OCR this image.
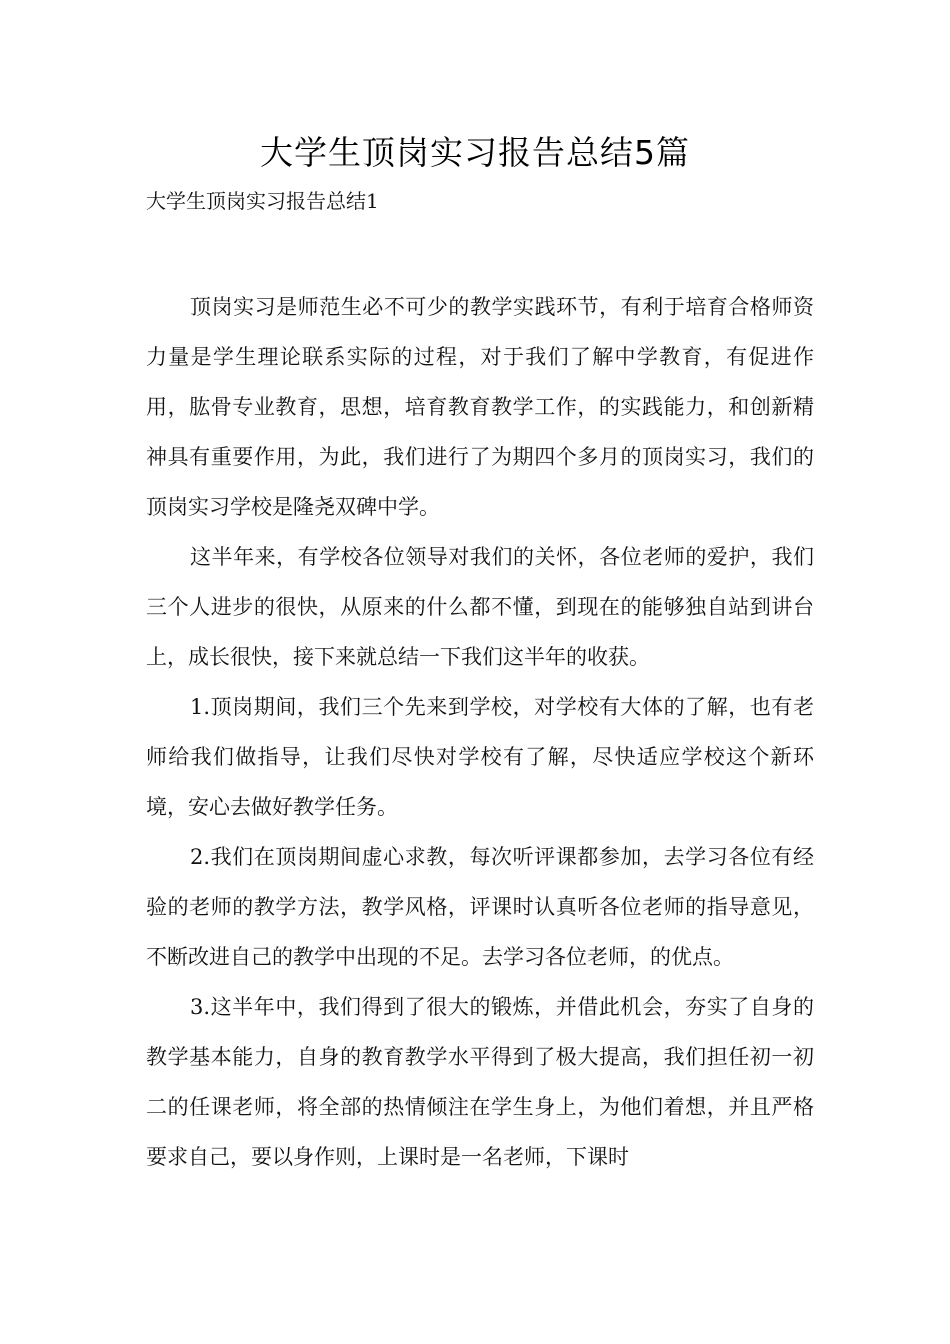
大学生顶岗实习报告总结5篇
大学生顶岗实习报告总结1

顶岗实习是师范生必不可少的教学实践环节，有利于培育合格师资力量是学生理论联系实际的过程，对于我们了解中学教育，有促进作用，肱骨专业教育，思想，培育教育教学工作，的实践能力，和创新精神具有重要作用，为此，我们进行了为期四个多月的顶岗实习，我们的顶岗实习学校是隆尧双碑中学。

这半年来，有学校各位领导对我们的关怀，各位老师的爱护，我们三个人进步的很快，从原来的什么都不懂，到现在的能够独自站到讲台上，成长很快，接下来就总结一下我们这半年的收获。

1.顶岗期间，我们三个先来到学校，对学校有大体的了解，也有老师给我们做指导，让我们尽快对学校有了解，尽快适应学校这个新环境，安心去做好教学任务。

2.我们在顶岗期间虚心求教，每次听评课都参加，去学习各位有经验的老师的教学方法，教学风格，评课时认真听各位老师的指导意见，不断改进自己的教学中出现的不足。去学习各位老师，的优点。

3.这半年中，我们得到了很大的锻炼，并借此机会，夯实了自身的教学基本能力，自身的教育教学水平得到了极大提高，我们担任初一初二的任课老师，将全部的热情倾注在学生身上，为他们着想，并且严格要求自己，要以身作则，上课时是一名老师，下课时
